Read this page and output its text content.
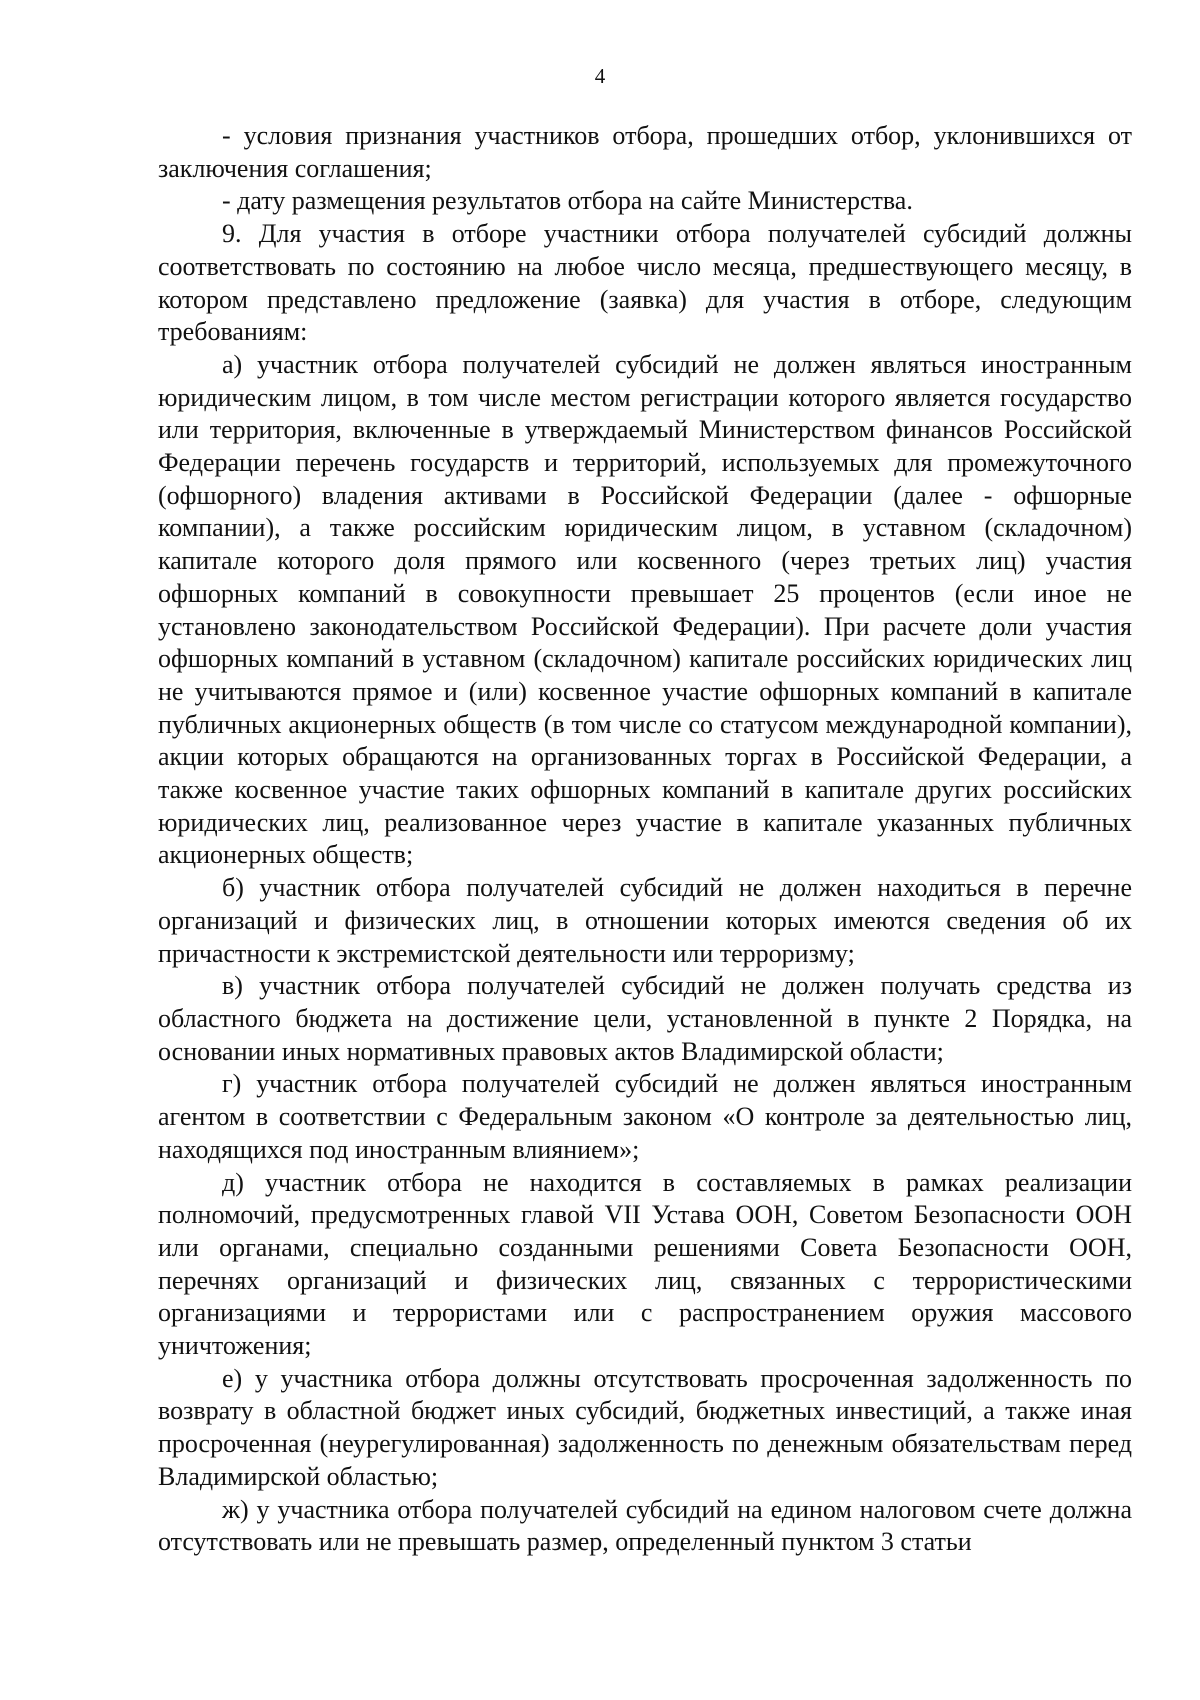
4

- условия признания участников отбора, прошедших отбор, уклонившихся от заключения соглашения;

- дату размещения результатов отбора на сайте Министерства.

9. Для участия в отборе участники отбора получателей субсидий должны соответствовать по состоянию на любое число месяца, предшествующего месяцу, в котором представлено предложение (заявка) для участия в отборе, следующим требованиям:

а) участник отбора получателей субсидий не должен являться иностранным юридическим лицом, в том числе местом регистрации которого является государство или территория, включенные в утверждаемый Министерством финансов Российской Федерации перечень государств и территорий, используемых для промежуточного (офшорного) владения активами в Российской Федерации (далее - офшорные компании), а также российским юридическим лицом, в уставном (складочном) капитале которого доля прямого или косвенного (через третьих лиц) участия офшорных компаний в совокупности превышает 25 процентов (если иное не установлено законодательством Российской Федерации). При расчете доли участия офшорных компаний в уставном (складочном) капитале российских юридических лиц не учитываются прямое и (или) косвенное участие офшорных компаний в капитале публичных акционерных обществ (в том числе со статусом международной компании), акции которых обращаются на организованных торгах в Российской Федерации, а также косвенное участие таких офшорных компаний в капитале других российских юридических лиц, реализованное через участие в капитале указанных публичных акционерных обществ;

б) участник отбора получателей субсидий не должен находиться в перечне организаций и физических лиц, в отношении которых имеются сведения об их причастности к экстремистской деятельности или терроризму;

в) участник отбора получателей субсидий не должен получать средства из областного бюджета на достижение цели, установленной в пункте 2 Порядка, на основании иных нормативных правовых актов Владимирской области;

г) участник отбора получателей субсидий не должен являться иностранным агентом в соответствии с Федеральным законом «О контроле за деятельностью лиц, находящихся под иностранным влиянием»;

д) участник отбора не находится в составляемых в рамках реализации полномочий, предусмотренных главой VII Устава ООН, Советом Безопасности ООН или органами, специально созданными решениями Совета Безопасности ООН, перечнях организаций и физических лиц, связанных с террористическими организациями и террористами или с распространением оружия массового уничтожения;

е) у участника отбора должны отсутствовать просроченная задолженность по возврату в областной бюджет иных субсидий, бюджетных инвестиций, а также иная просроченная (неурегулированная) задолженность по денежным обязательствам перед Владимирской областью;

ж) у участника отбора получателей субсидий на едином налоговом счете должна отсутствовать или не превышать размер, определенный пунктом 3 статьи
